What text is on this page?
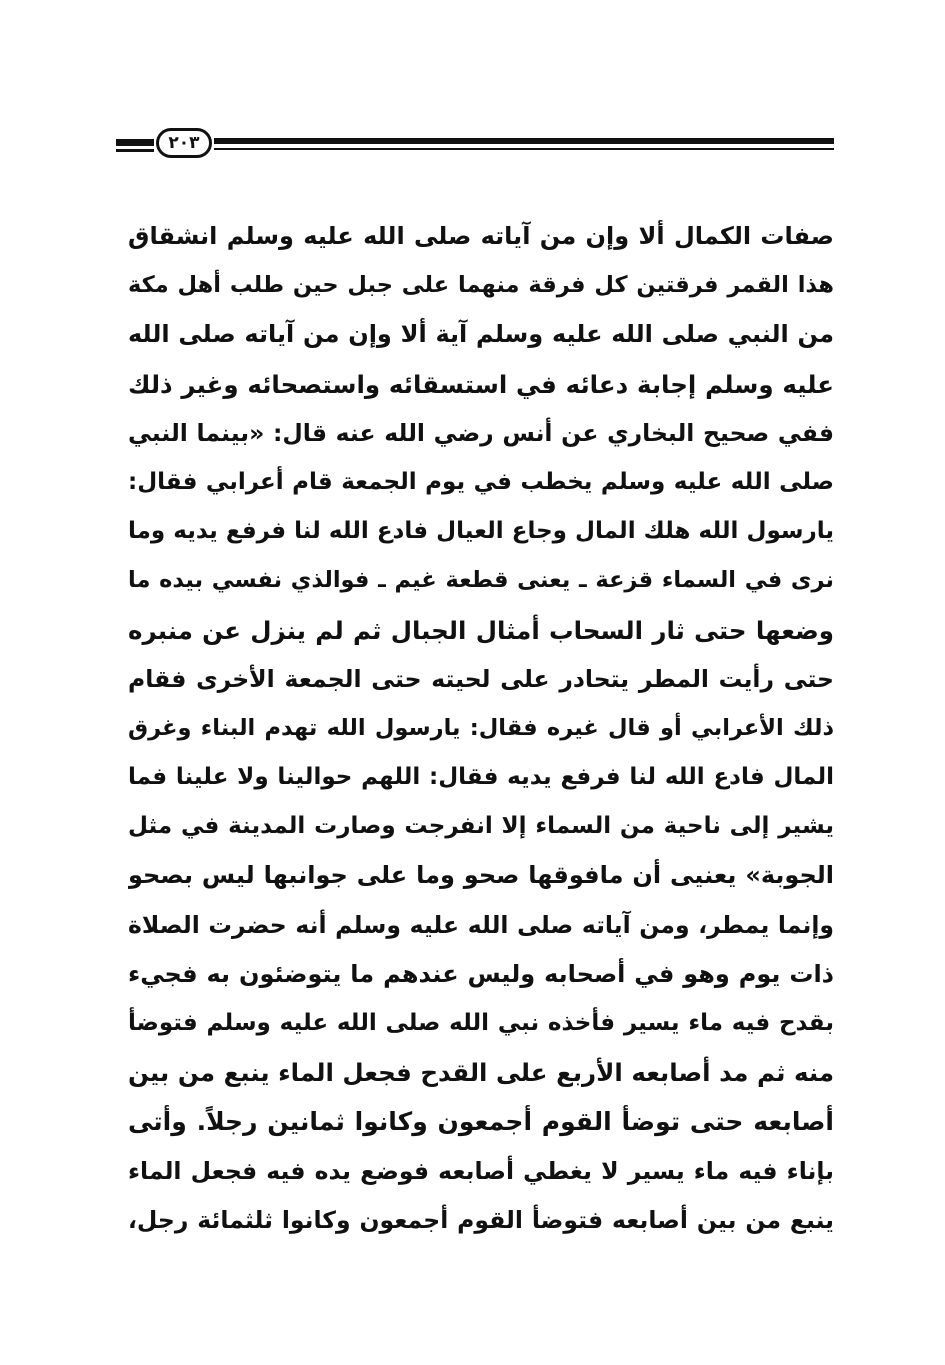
٢٠٣
صفات الكمال ألا وإن من آياته صلى الله عليه وسلم انشقاق
هذا القمر فرقتين كل فرقة منهما على جبل حين طلب أهل مكة
من النبي صلى الله عليه وسلم آية ألا وإن من آياته صلى الله
عليه وسلم إجابة دعائه في استسقائه واستصحائه وغير ذلك
ففي صحيح البخاري عن أنس رضي الله عنه قال: «بينما النبي
صلى الله عليه وسلم يخطب في يوم الجمعة قام أعرابي فقال:
يارسول الله هلك المال وجاع العيال فادع الله لنا فرفع يديه وما
نرى في السماء قزعة ـ يعنى قطعة غيم ـ فوالذي نفسي بيده ما
وضعها حتى ثار السحاب أمثال الجبال ثم لم ينزل عن منبره
حتى رأيت المطر يتحادر على لحيته حتى الجمعة الأخرى فقام
ذلك الأعرابي أو قال غيره فقال: يارسول الله تهدم البناء وغرق
المال فادع الله لنا فرفع يديه فقال: اللهم حوالينا ولا علينا فما
يشير إلى ناحية من السماء إلا انفرجت وصارت المدينة في مثل
الجوبة» يعنيى أن مافوقها صحو وما على جوانبها ليس بصحو
وإنما يمطر، ومن آياته صلى الله عليه وسلم أنه حضرت الصلاة
ذات يوم وهو في أصحابه وليس عندهم ما يتوضئون به فجيء
بقدح فيه ماء يسير فأخذه نبي الله صلى الله عليه وسلم فتوضأ
منه ثم مد أصابعه الأربع على القدح فجعل الماء ينبع من بين
أصابعه حتى توضأ القوم أجمعون وكانوا ثمانين رجلاً. وأتى
بإناء فيه ماء يسير لا يغطي أصابعه فوضع يده فيه فجعل الماء
ينبع من بين أصابعه فتوضأ القوم أجمعون وكانوا ثلثمائة رجل،
